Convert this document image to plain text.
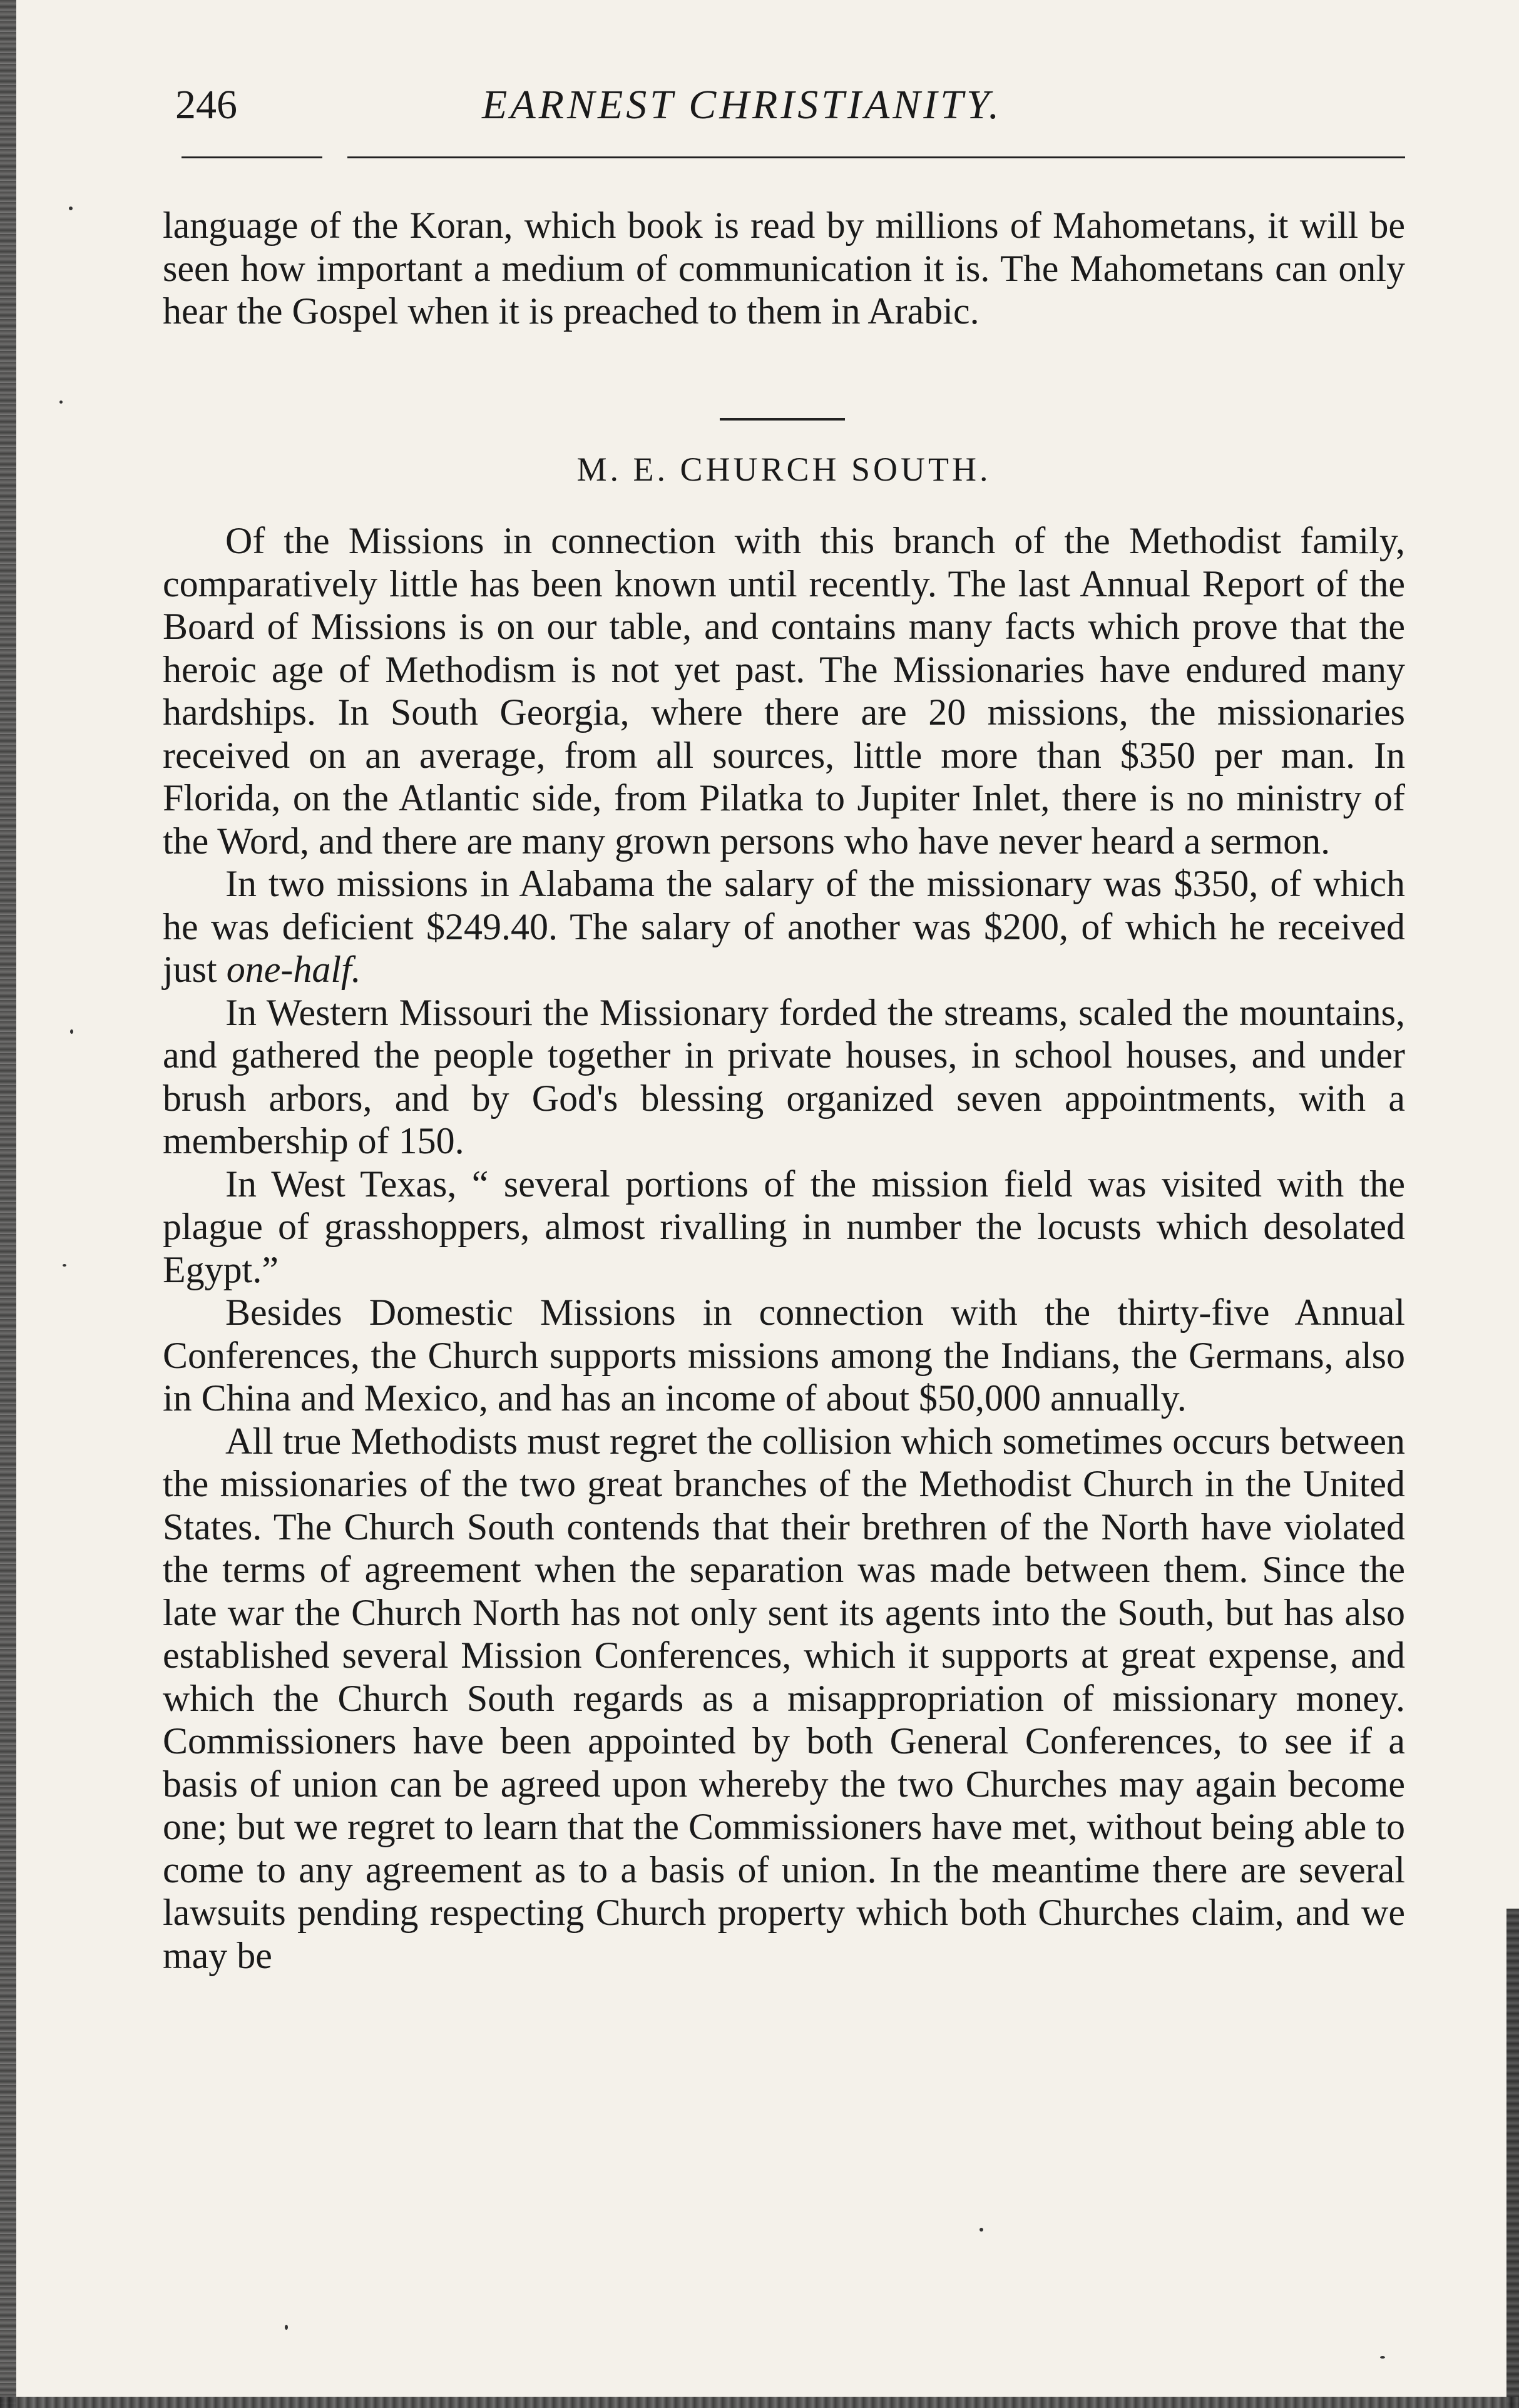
246	EARNEST CHRISTIANITY.

language of the Koran, which book is read by millions of Mahometans, it will be seen how important a medium of communication it is. The Mahometans can only hear the Gospel when it is preached to them in Arabic.

M. E. CHURCH SOUTH.

Of the Missions in connection with this branch of the Methodist family, comparatively little has been known until recently. The last Annual Report of the Board of Missions is on our table, and contains many facts which prove that the heroic age of Methodism is not yet past. The Missionaries have endured many hardships. In South Georgia, where there are 20 missions, the missionaries received on an average, from all sources, little more than $350 per man. In Florida, on the Atlantic side, from Pilatka to Jupiter Inlet, there is no ministry of the Word, and there are many grown persons who have never heard a sermon.

In two missions in Alabama the salary of the missionary was $350, of which he was deficient $249.40. The salary of another was $200, of which he received just one-half.

In Western Missouri the Missionary forded the streams, scaled the mountains, and gathered the people together in private houses, in school houses, and under brush arbors, and by God's blessing organized seven appointments, with a membership of 150.

In West Texas, “ several portions of the mission field was visited with the plague of grasshoppers, almost rivalling in number the locusts which desolated Egypt.”

Besides Domestic Missions in connection with the thirty-five Annual Conferences, the Church supports missions among the Indians, the Germans, also in China and Mexico, and has an income of about $50,000 annually.

All true Methodists must regret the collision which sometimes occurs between the missionaries of the two great branches of the Methodist Church in the United States. The Church South contends that their brethren of the North have violated the terms of agreement when the separation was made between them. Since the late war the Church North has not only sent its agents into the South, but has also established several Mission Conferences, which it supports at great expense, and which the Church South regards as a misappropriation of missionary money. Commissioners have been appointed by both General Conferences, to see if a basis of union can be agreed upon whereby the two Churches may again become one; but we regret to learn that the Commissioners have met, without being able to come to any agreement as to a basis of union. In the meantime there are several lawsuits pending respecting Church property which both Churches claim, and we may be
